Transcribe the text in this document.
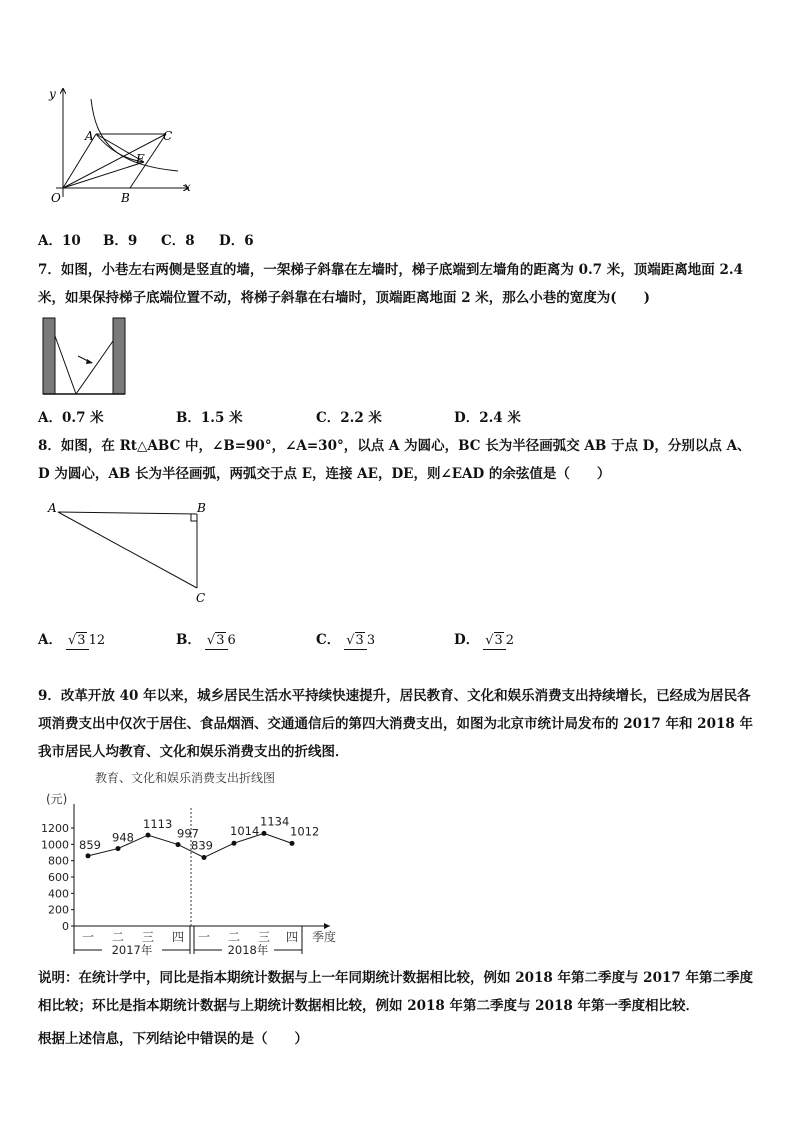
y
x
O
A	C
E
B
A．10 B．9 C．8 D．6
7．如图，小巷左右两侧是竖直的墙，一架梯子斜靠在左墙时，梯子底端到左墙角的距离为 0.7 米，顶端距离地面 2.4 米，如果保持梯子底端位置不动，将梯子斜靠在右墙时，顶端距离地面 2 米，那么小巷的宽度为(　　)
A．0.7 米	B．1.5 米	C．2.2 米	D．2.4 米
8．如图，在 Rt△ABC 中，∠B=90°，∠A=30°，以点 A 为圆心，BC 长为半径画弧交 AB 于点 D，分别以点 A、D 为圆心，AB 长为半径画弧，两弧交于点 E，连接 AE，DE，则∠EAD 的余弦值是（　　）
A	B
C
A． √3 12	B． √3 6	C． √3 3	D． √3 2
9．改革开放 40 年以来，城乡居民生活水平持续快速提升，居民教育、文化和娱乐消费支出持续增长，已经成为居民各项消费支出中仅次于居住、食品烟酒、交通通信后的第四大消费支出，如图为北京市统计局发布的 2017 年和 2018 年我市居民人均教育、文化和娱乐消费支出的折线图．
教育、文化和娱乐消费支出折线图
(元)
季度
0
200
400
600
800
1000
1200
859
948
1113
997
839
1014
1134
1012
一 二 三 四 一 二 三 四
2017年	2018年
说明：在统计学中，同比是指本期统计数据与上一年同期统计数据相比较，例如 2018 年第二季度与 2017 年第二季度相比较；环比是指本期统计数据与上期统计数据相比较，例如 2018 年第二季度与 2018 年第一季度相比较．
根据上述信息，下列结论中错误的是（　　）
